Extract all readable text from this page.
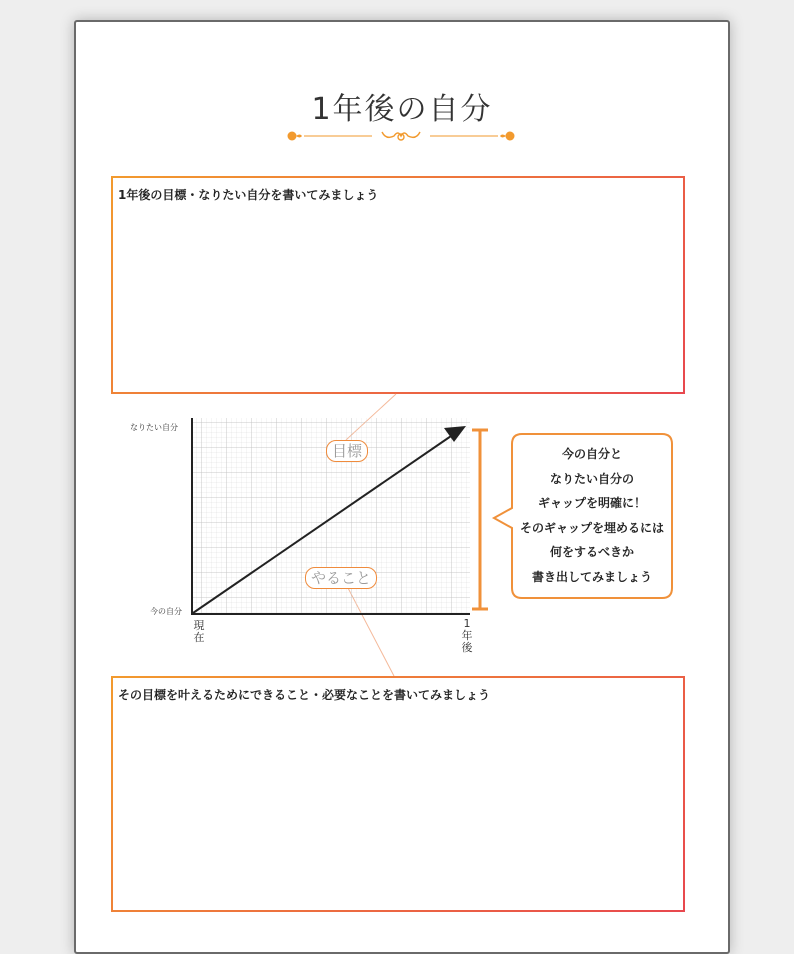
1年後の自分
1年後の目標・なりたい自分を書いてみましょう
なりたい自分
今の自分
現
在
1
年
後
目標
やること
今の自分と
なりたい自分の
ギャップを明確に！
そのギャップを埋めるには
何をするべきか
書き出してみましょう
その目標を叶えるためにできること・必要なことを書いてみましょう
